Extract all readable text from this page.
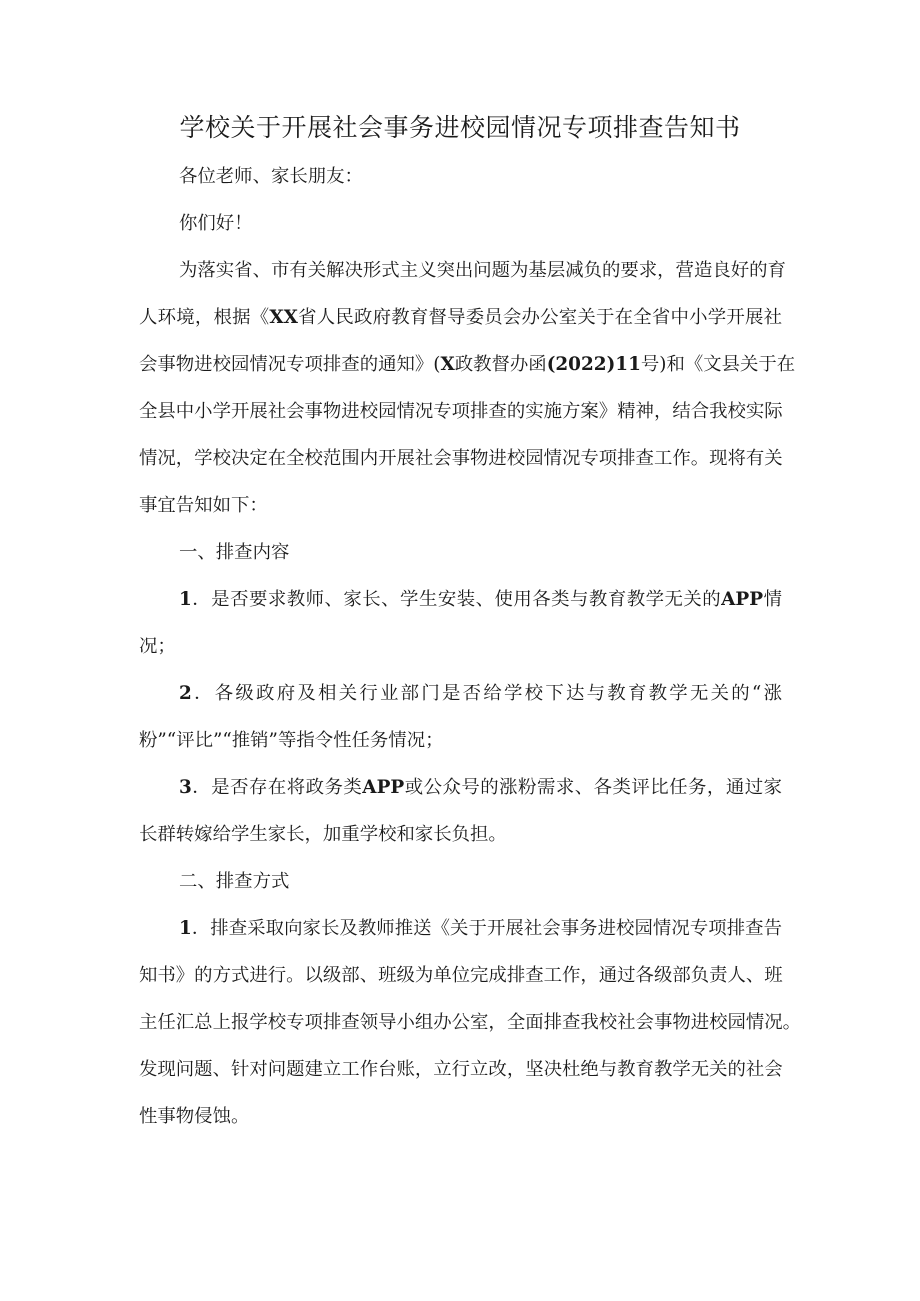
学校关于开展社会事务进校园情况专项排查告知书
各位老师、家长朋友：
你们好！
为落实省、市有关解决形式主义突出问题为基层减负的要求，营造良好的育
人环境，根据《XX省人民政府教育督导委员会办公室关于在全省中小学开展社
会事物进校园情况专项排查的通知》(X政教督办函(2022)11号)和《文县关于在
全县中小学开展社会事物进校园情况专项排查的实施方案》精神，结合我校实际
情况，学校决定在全校范围内开展社会事物进校园情况专项排查工作。现将有关
事宜告知如下：
一、排查内容
1．是否要求教师、家长、学生安装、使用各类与教育教学无关的APP情
况；
2．各级政府及相关行业部门是否给学校下达与教育教学无关的“涨
粉”“评比”“推销”等指令性任务情况；
3．是否存在将政务类APP或公众号的涨粉需求、各类评比任务，通过家
长群转嫁给学生家长，加重学校和家长负担。
二、排查方式
1．排查采取向家长及教师推送《关于开展社会事务进校园情况专项排查告
知书》的方式进行。以级部、班级为单位完成排查工作，通过各级部负责人、班
主任汇总上报学校专项排查领导小组办公室，全面排查我校社会事物进校园情况。
发现问题、针对问题建立工作台账，立行立改，坚决杜绝与教育教学无关的社会
性事物侵蚀。
